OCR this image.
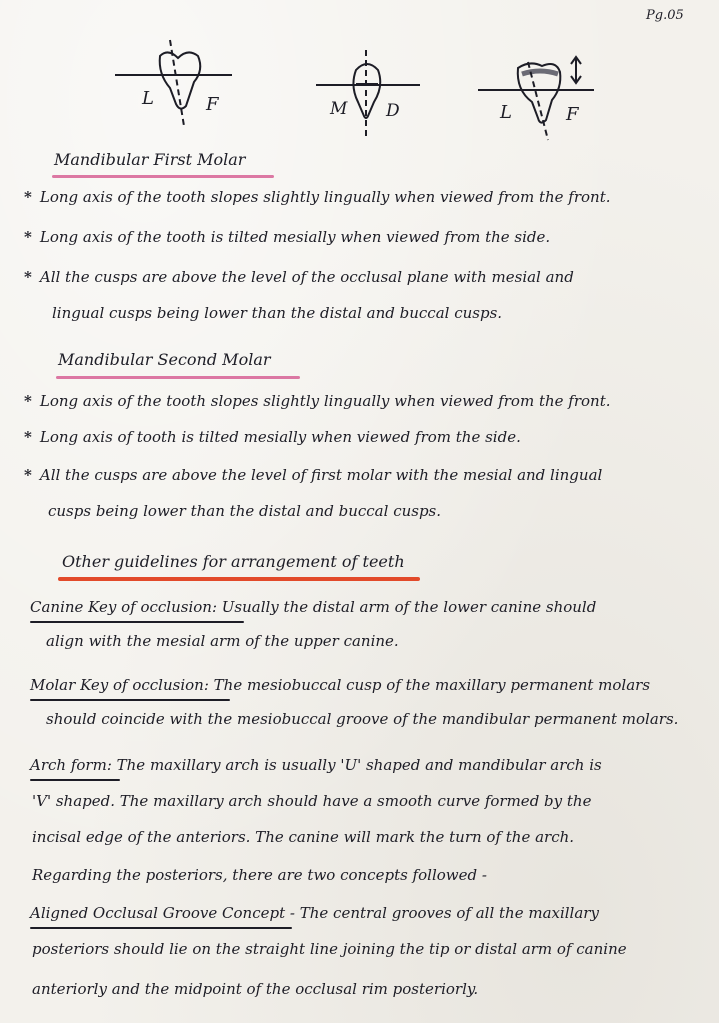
Pg.05
L	F	M D	L	F
Mandibular First Molar
* Long axis of the tooth slopes slightly lingually when viewed from the front.
* Long axis of the tooth is tilted mesially when viewed from the side.
* All the cusps are above the level of the occlusal plane with mesial and
lingual cusps being lower than the distal and buccal cusps.
Mandibular Second Molar
* Long axis of the tooth slopes slightly lingually when viewed from the front.
* Long axis of tooth is tilted mesially when viewed from the side.
* All the cusps are above the level of first molar with the mesial and lingual
cusps being lower than the distal and buccal cusps.
Other guidelines for arrangement of teeth
Canine Key of occlusion: Usually the distal arm of the lower canine should
align with the mesial arm of the upper canine.
Molar Key of occlusion: The mesiobuccal cusp of the maxillary permanent molars
should coincide with the mesiobuccal groove of the mandibular permanent molars.
Arch form: The maxillary arch is usually 'U' shaped and mandibular arch is
'V' shaped. The maxillary arch should have a smooth curve formed by the
incisal edge of the anteriors. The canine will mark the turn of the arch.
Regarding the posteriors, there are two concepts followed -
Aligned Occlusal Groove Concept - The central grooves of all the maxillary
posteriors should lie on the straight line joining the tip or distal arm of canine
anteriorly and the midpoint of the occlusal rim posteriorly.
